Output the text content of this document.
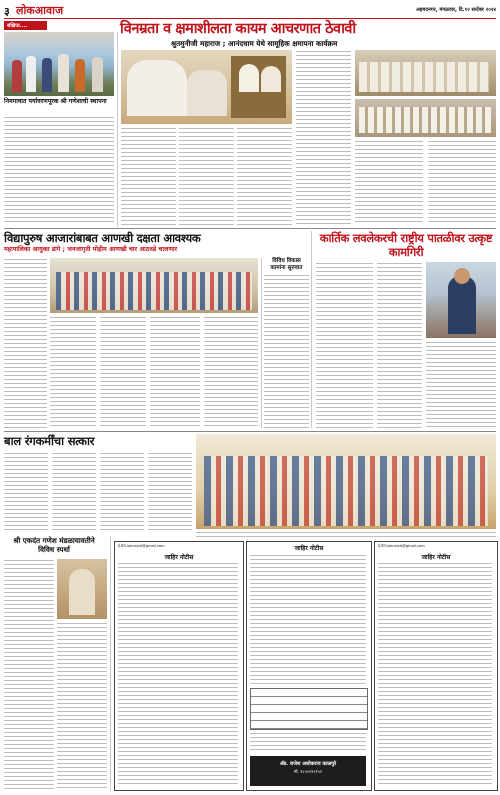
३ लोकआवाज	अहमदनगर, मंगळवार, दि.१२ सप्टेंबर २०२४
संक्षिप्त....	विनम्रता व क्षमाशीलता कायम आचरणात ठेवावी
श्रुतमुनीजी महाराज ; आनंदधाम येथे सामूहिक क्षमापना कार्यक्रम
निमगावात पर्यावरणपूरक श्री गणेशाची स्थापना
विद्यापुरुष आजारांबाबत आणखी दक्षता आवश्यक
महापालिका आयुक्त डांगे ; जनजागृती मोहीम आणखी चार आठवडे चालणार
विविध विकास कामांना सुरुवात
कार्तिक लवलेकरची राष्ट्रीय पातळीवर उत्कृष्ट कामगिरी
बाल रंगकर्मींचा सत्कार
श्री एकदंत गणेश मंडळायावतीने विविध स्पर्धा	ई-मेल-loknaivit@gmail.com
जाहिर नोटीस
जाहिर नोटीस
अ‍ॅड. राजेश अशोकराव काळपुरे
मो. ९८५०१२२१५२
ई-मेल-loknaivit@gmail.com
जाहिर नोटीस
